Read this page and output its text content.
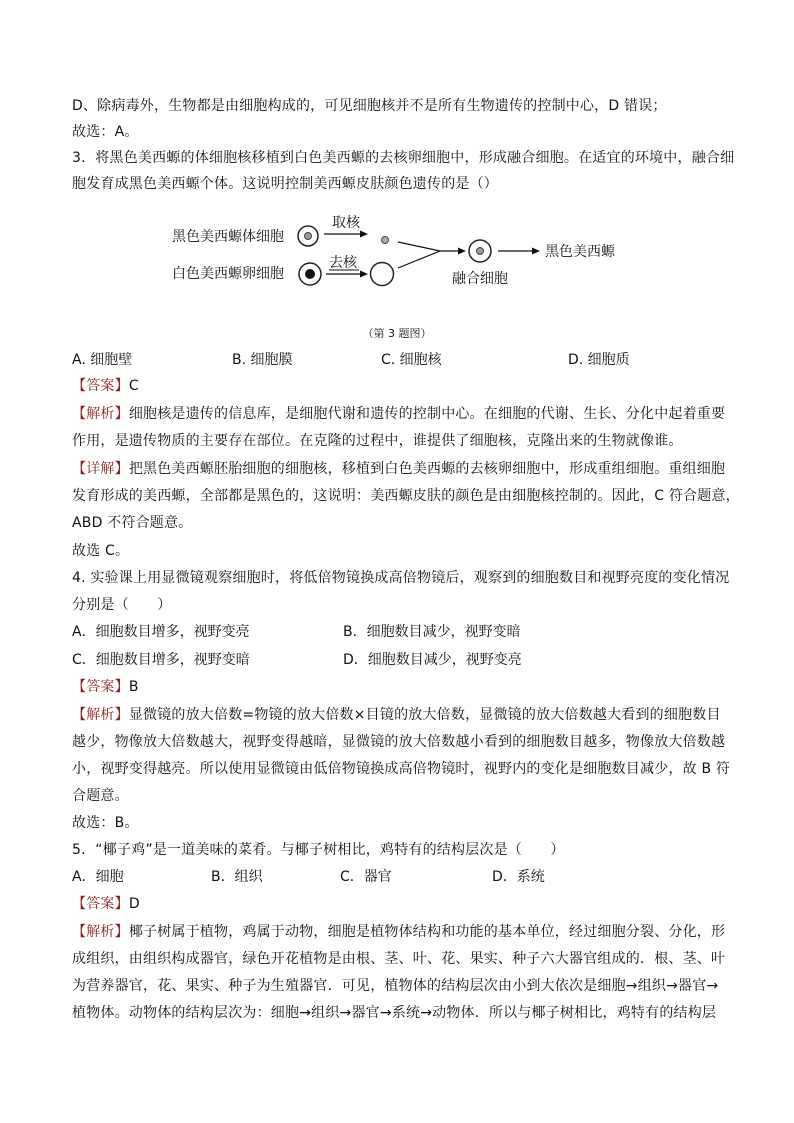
D、除病毒外，生物都是由细胞构成的，可见细胞核并不是所有生物遗传的控制中心，D 错误；
故选：A。
3．将黑色美西螈的体细胞核移植到白色美西螈的去核卵细胞中，形成融合细胞。在适宜的环境中，融合细
胞发育成黑色美西螈个体。这说明控制美西螈皮肤颜色遗传的是（）
黑色美西螈体细胞
取核
白色美西螈卵细胞
去核
融合细胞
黑色美西螈
（第 3 题图）
A. 细胞壁	B. 细胞膜	C. 细胞核	D. 细胞质
【答案】C
【解析】细胞核是遗传的信息库，是细胞代谢和遗传的控制中心。在细胞的代谢、生长、分化中起着重要
作用，是遗传物质的主要存在部位。在克隆的过程中，谁提供了细胞核，克隆出来的生物就像谁。
【详解】把黑色美西螈胚胎细胞的细胞核，移植到白色美西螈的去核卵细胞中，形成重组细胞。重组细胞
发育形成的美西螈，全部都是黑色的，这说明：美西螈皮肤的颜色是由细胞核控制的。因此，C 符合题意，
ABD 不符合题意。
故选 C。
4. 实验课上用显微镜观察细胞时，将低倍物镜换成高倍物镜后，观察到的细胞数目和视野亮度的变化情况
分别是（　　）
A．细胞数目增多，视野变亮	B．细胞数目减少，视野变暗
C．细胞数目增多，视野变暗	D．细胞数目减少，视野变亮
【答案】B
【解析】显微镜的放大倍数=物镜的放大倍数×目镜的放大倍数，显微镜的放大倍数越大看到的细胞数目
越少，物像放大倍数越大，视野变得越暗，显微镜的放大倍数越小看到的细胞数目越多，物像放大倍数越
小，视野变得越亮。所以使用显微镜由低倍物镜换成高倍物镜时，视野内的变化是细胞数目减少，故 B 符
合题意。
故选：B。
5．“椰子鸡”是一道美味的菜肴。与椰子树相比，鸡特有的结构层次是（　　）
A．细胞	B．组织	C．器官	D．系统
【答案】D
【解析】椰子树属于植物，鸡属于动物，细胞是植物体结构和功能的基本单位，经过细胞分裂、分化，形
成组织，由组织构成器官，绿色开花植物是由根、茎、叶、花、果实、种子六大器官组成的．根、茎、叶
为营养器官，花、果实、种子为生殖器官．可见，植物体的结构层次由小到大依次是细胞→组织→器官→
植物体。动物体的结构层次为：细胞→组织→器官→系统→动物体．所以与椰子树相比，鸡特有的结构层
